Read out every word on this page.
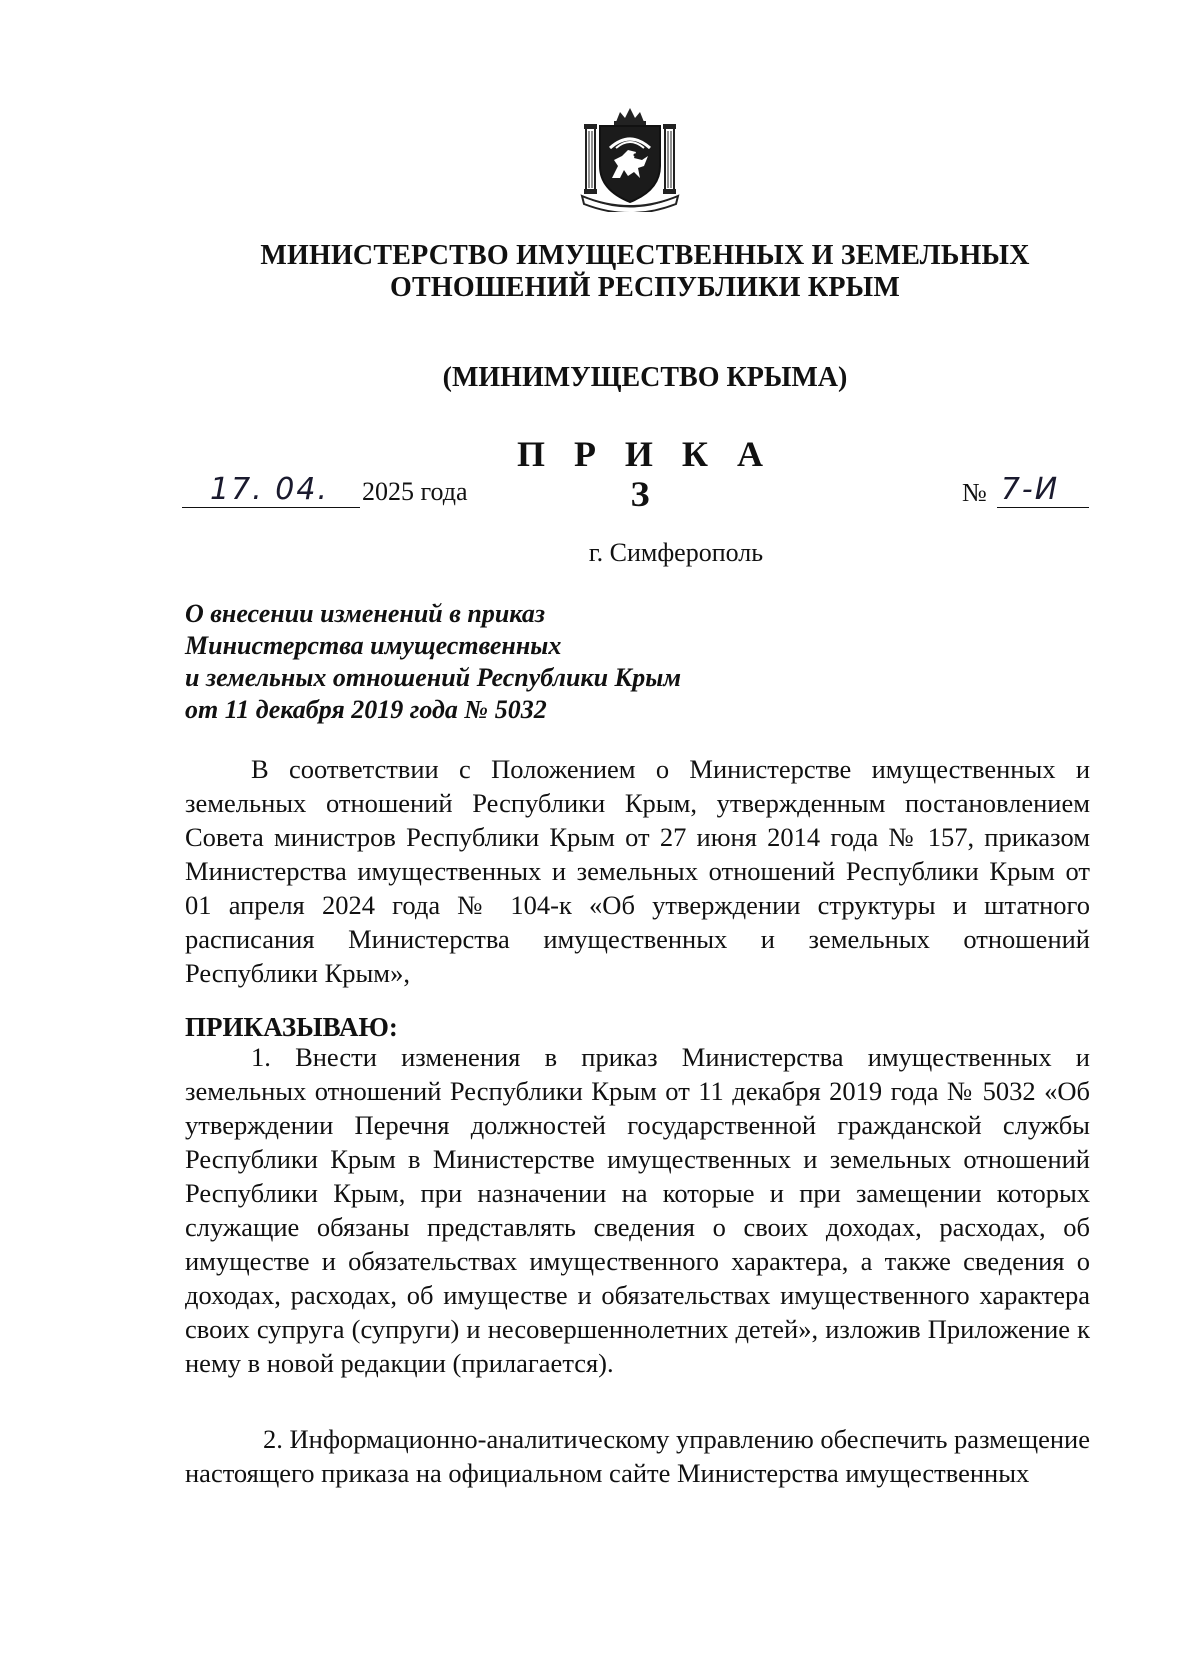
МИНИСТЕРСТВО ИМУЩЕСТВЕННЫХ И ЗЕМЕЛЬНЫХ
ОТНОШЕНИЙ РЕСПУБЛИКИ КРЫМ
(МИНИМУЩЕСТВО КРЫМА)
П Р И К А З
17. 04. 2025 года	№ 7-И
г. Симферополь
О внесении изменений в приказ
Министерства имущественных
и земельных отношений Республики Крым
от 11 декабря 2019 года № 5032
В соответствии с Положением о Министерстве имущественных и земельных отношений Республики Крым, утвержденным постановлением Совета министров Республики Крым от 27 июня 2014 года № 157, приказом Министерства имущественных и земельных отношений Республики Крым от 01 апреля 2024 года № 104-к «Об утверждении структуры и штатного расписания Министерства имущественных и земельных отношений Республики Крым»,
ПРИКАЗЫВАЮ:
1. Внести изменения в приказ Министерства имущественных и земельных отношений Республики Крым от 11 декабря 2019 года № 5032 «Об утверждении Перечня должностей государственной гражданской службы Республики Крым в Министерстве имущественных и земельных отношений Республики Крым, при назначении на которые и при замещении которых служащие обязаны представлять сведения о своих доходах, расходах, об имуществе и обязательствах имущественного характера, а также сведения о доходах, расходах, об имуществе и обязательствах имущественного характера своих супруга (супруги) и несовершеннолетних детей», изложив Приложение к нему в новой редакции (прилагается).
2. Информационно-аналитическому управлению обеспечить размещение настоящего приказа на официальном сайте Министерства имущественных
